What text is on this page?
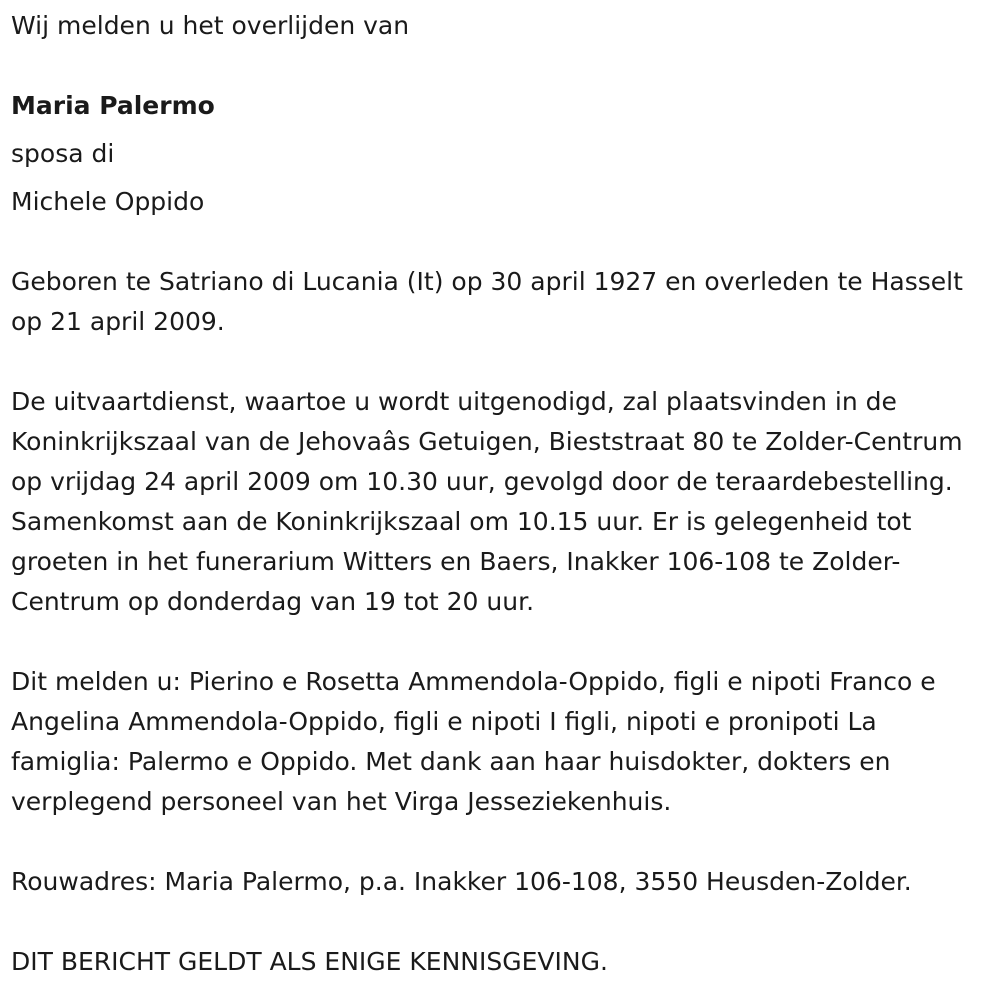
Wij melden u het overlijden van

Maria Palermo

sposa di

Michele Oppido

Geboren te Satriano di Lucania (It) op 30 april 1927 en overleden te Hasselt op 21 april 2009.

De uitvaartdienst, waartoe u wordt uitgenodigd, zal plaatsvinden in de Koninkrijkszaal van de Jehovaâs Getuigen, Bieststraat 80 te Zolder-Centrum op vrijdag 24 april 2009 om 10.30 uur, gevolgd door de teraardebestelling. Samenkomst aan de Koninkrijkszaal om 10.15 uur. Er is gelegenheid tot groeten in het funerarium Witters en Baers, Inakker 106-108 te Zolder-Centrum op donderdag van 19 tot 20 uur.

Dit melden u: Pierino e Rosetta Ammendola-Oppido, figli e nipoti Franco e Angelina Ammendola-Oppido, figli e nipoti I figli, nipoti e pronipoti La famiglia: Palermo e Oppido. Met dank aan haar huisdokter, dokters en verplegend personeel van het Virga Jesseziekenhuis.

Rouwadres: Maria Palermo, p.a. Inakker 106-108, 3550 Heusden-Zolder.

DIT BERICHT GELDT ALS ENIGE KENNISGEVING.
